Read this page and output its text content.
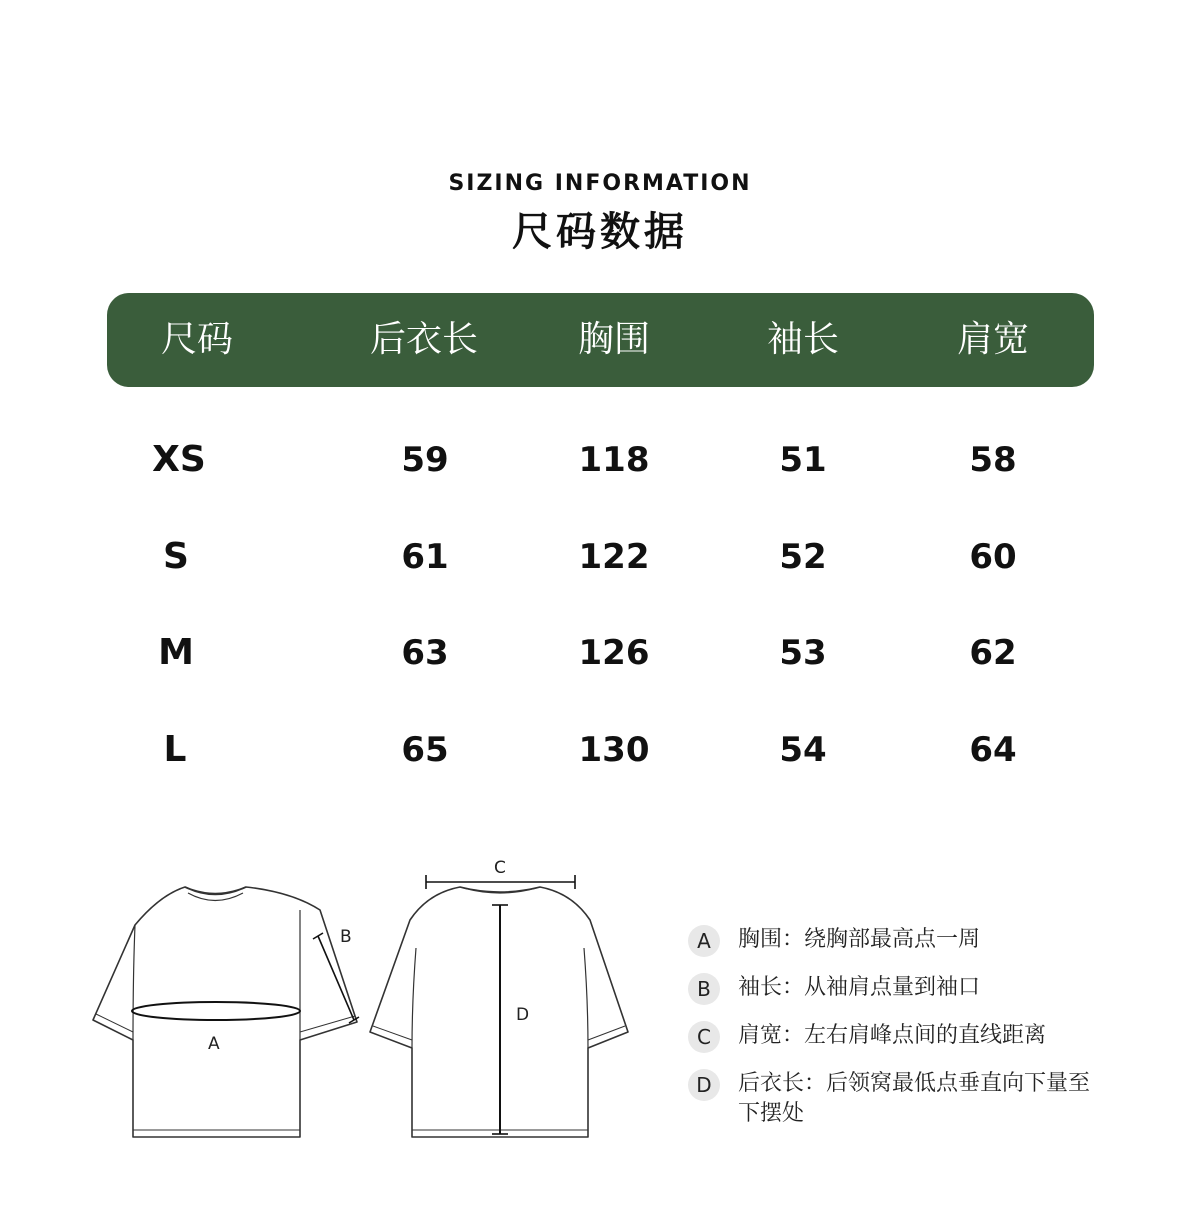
SIZING INFORMATION
尺码数据
尺码	后衣长	胸围	袖长	肩宽
XS	59	118	51	58
S	61	122	52	60
M	63	126	53	62
L	65	130	54	64
A
B
C
D
A	胸围：绕胸部最高点一周
B	袖长：从袖肩点量到袖口
C	肩宽：左右肩峰点间的直线距离
D	后衣长：后领窝最低点垂直向下量至下摆处
